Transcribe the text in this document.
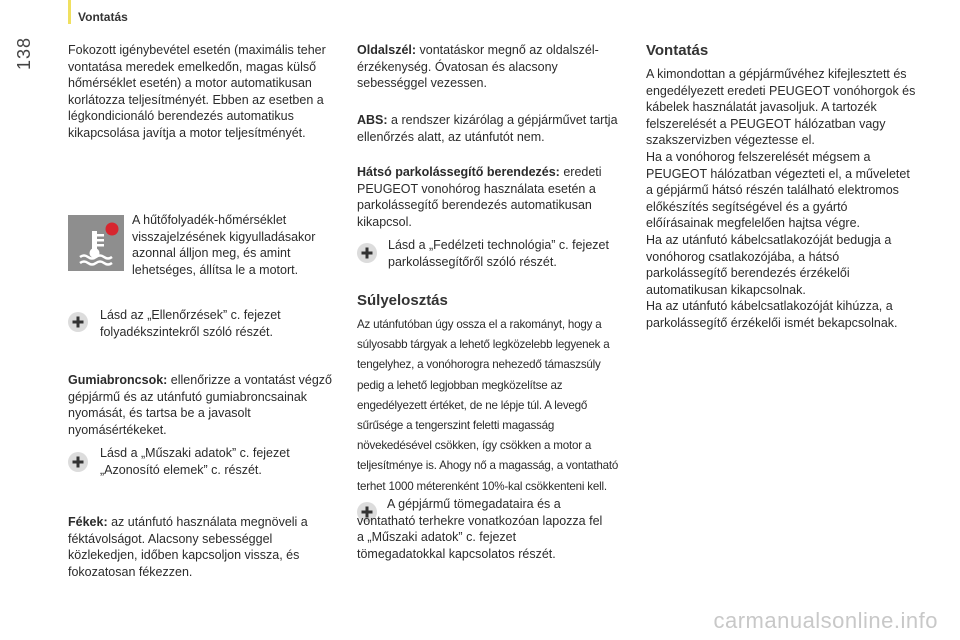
Vontatás
138	Fokozott igénybevétel esetén (maximális teher vontatása meredek emelkedőn, magas külső hőmérséklet esetén) a motor automatikusan korlátozza teljesítményét. Ebben az esetben a légkondicionáló berendezés automatikus kikapcsolása javítja a motor teljesítményét.

A hűtőfolyadék-hőmérséklet visszajelzésének kigyulladásakor azonnal álljon meg, és amint lehetséges, állítsa le a motort.

Lásd az „Ellenőrzések” c. fejezet folyadékszintekről szóló részét.

Gumiabroncsok: ellenőrizze a vontatást végző gépjármű és az utánfutó gumiabroncsainak nyomását, és tartsa be a javasolt nyomásértékeket.

Lásd a „Műszaki adatok” c. fejezet „Azonosító elemek” c. részét.

Fékek: az utánfutó használata megnöveli a féktávolságot. Alacsony sebességgel közlekedjen, időben kapcsoljon vissza, és fokozatosan fékezzen.

Oldalszél: vontatáskor megnő az oldalszél-érzékenység. Óvatosan és alacsony sebességgel vezessen.

ABS: a rendszer kizárólag a gépjárművet tartja ellenőrzés alatt, az utánfutót nem.

Hátsó parkolássegítő berendezés: eredeti PEUGEOT vonohórog használata esetén a parkolássegítő berendezés automatikusan kikapcsol.

Lásd a „Fedélzeti technológia” c. fejezet parkolássegítőről szóló részét.

Súlyelosztás

Az utánfutóban úgy ossza el a rakományt, hogy a súlyosabb tárgyak a lehető legközelebb legyenek a tengelyhez, a vonóhorogra nehezedő támaszsúly pedig a lehető legjobban megközelítse az engedélyezett értéket, de ne lépje túl. A levegő sűrűsége a tengerszint feletti magasság növekedésével csökken, így csökken a motor a teljesítménye is. Ahogy nő a magasság, a vontatható terhet 1000 méterenként 10%-kal csökkenteni kell.

A gépjármű tömegadataira és a vontatható terhekre vonatkozóan lapozza fel a „Műszaki adatok” c. fejezet tömegadatokkal kapcsolatos részét.

Vontatás

A kimondottan a gépjárművéhez kifejlesztett és engedélyezett eredeti PEUGEOT vonóhorgok és kábelek használatát javasoljuk. A tartozék felszerelését a PEUGEOT hálózatban vagy szakszervizben végeztesse el.
Ha a vonóhorog felszerelését mégsem a PEUGEOT hálózatban végezteti el, a műveletet a gépjármű hátsó részén található elektromos előkészítés segítségével és a gyártó előírásainak megfelelően hajtsa végre.
Ha az utánfutó kábelcsatlakozóját bedugja a vonóhorog csatlakozójába, a hátsó parkolássegítő berendezés érzékelői automatikusan kikapcsolnak.
Ha az utánfutó kábelcsatlakozóját kihúzza, a parkolássegítő érzékelői ismét bekapcsolnak.

carmanualsonline.info
